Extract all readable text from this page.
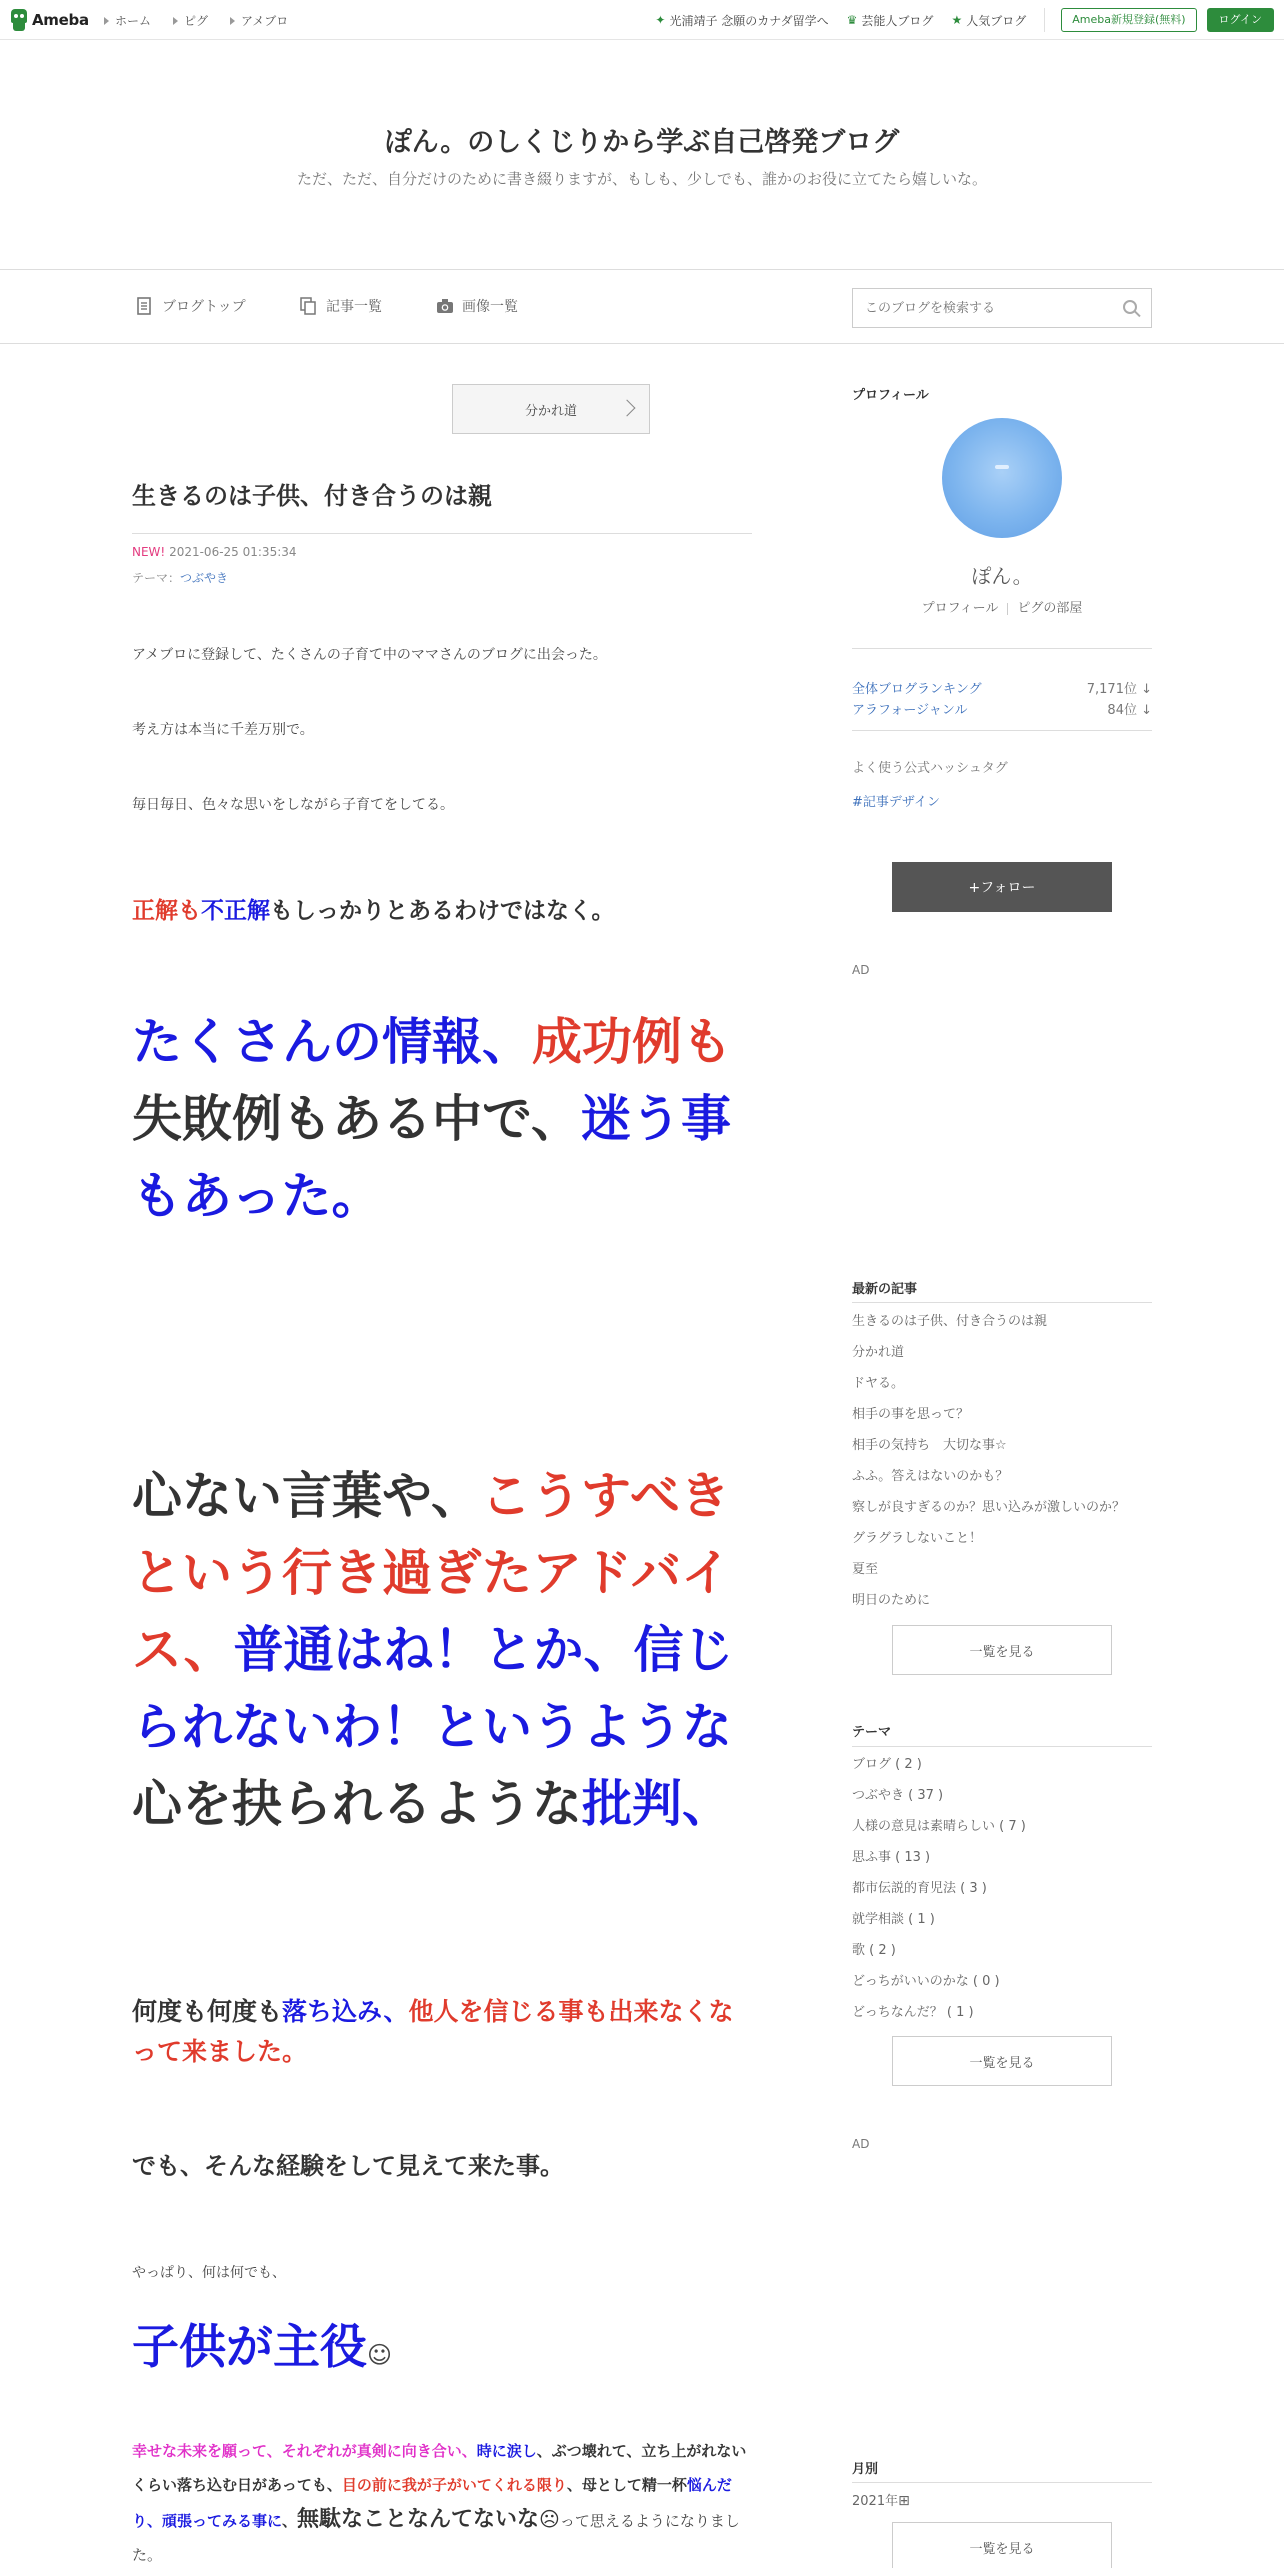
Ameba ホーム	ピグ	アメブロ	✦ 光浦靖子 念願のカナダ留学へ ♛ 芸能人ブログ ★ 人気ブログ	Ameba新規登録(無料)	ログイン
ぽん。のしくじりから学ぶ自己啓発ブログ
ただ、ただ、自分だけのために書き綴りますが、もしも、少しでも、誰かのお役に立てたら嬉しいな。
ブログトップ	記事一覧	画像一覧
このブログを検索する
分かれ道
生きるのは子供、付き合うのは親
NEW! 2021-06-25 01:35:34
テーマ：つぶやき
アメブロに登録して、たくさんの子育て中のママさんのブログに出会った。
考え方は本当に千差万別で。
毎日毎日、色々な思いをしながら子育てをしてる。
正解も不正解もしっかりとあるわけではなく。
たくさんの情報、成功例も失敗例もある中で、迷う事もあった。
心ない言葉や、こうすべきという行き過ぎたアドバイス、普通はね！とか、信じられないわ！というような心を抉られるような批判、
何度も何度も落ち込み、他人を信じる事も出来なくなって来ました。
でも、そんな経験をして見えて来た事。
やっぱり、何は何でも、
子供が主役☺
幸せな未来を願って、それぞれが真剣に向き合い、時に涙し、ぶつ壊れて、立ち上がれないくらい落ち込む日があっても、目の前に我が子がいてくれる限り、母として精一杯悩んだり、頑張ってみる事に、無駄なことなんてないな☹って思えるようになりました。
プロフィール
ぽん。
プロフィール ピグの部屋
全体ブログランキング	7,171位 ↓
アラフォージャンル	84位 ↓
よく使う公式ハッシュタグ
#記事デザイン
+フォロー
AD
最新の記事
生きるのは子供、付き合うのは親
分かれ道
ドヤる。
相手の事を思って？
相手の気持ち　大切な事☆
ふふ。答えはないのかも？
察しが良すぎるのか？思い込みが激しいのか？
グラグラしないこと！
夏至
明日のために
一覧を見る
テーマ
ブログ ( 2 )
つぶやき ( 37 )
人様の意見は素晴らしい ( 7 )
思ふ事 ( 13 )
都市伝説的育児法 ( 3 )
就学相談 ( 1 )
歌 ( 2 )
どっちがいいのかな ( 0 )
どっちなんだ？ ( 1 )
一覧を見る
AD
月別
2021年⊞
一覧を見る
